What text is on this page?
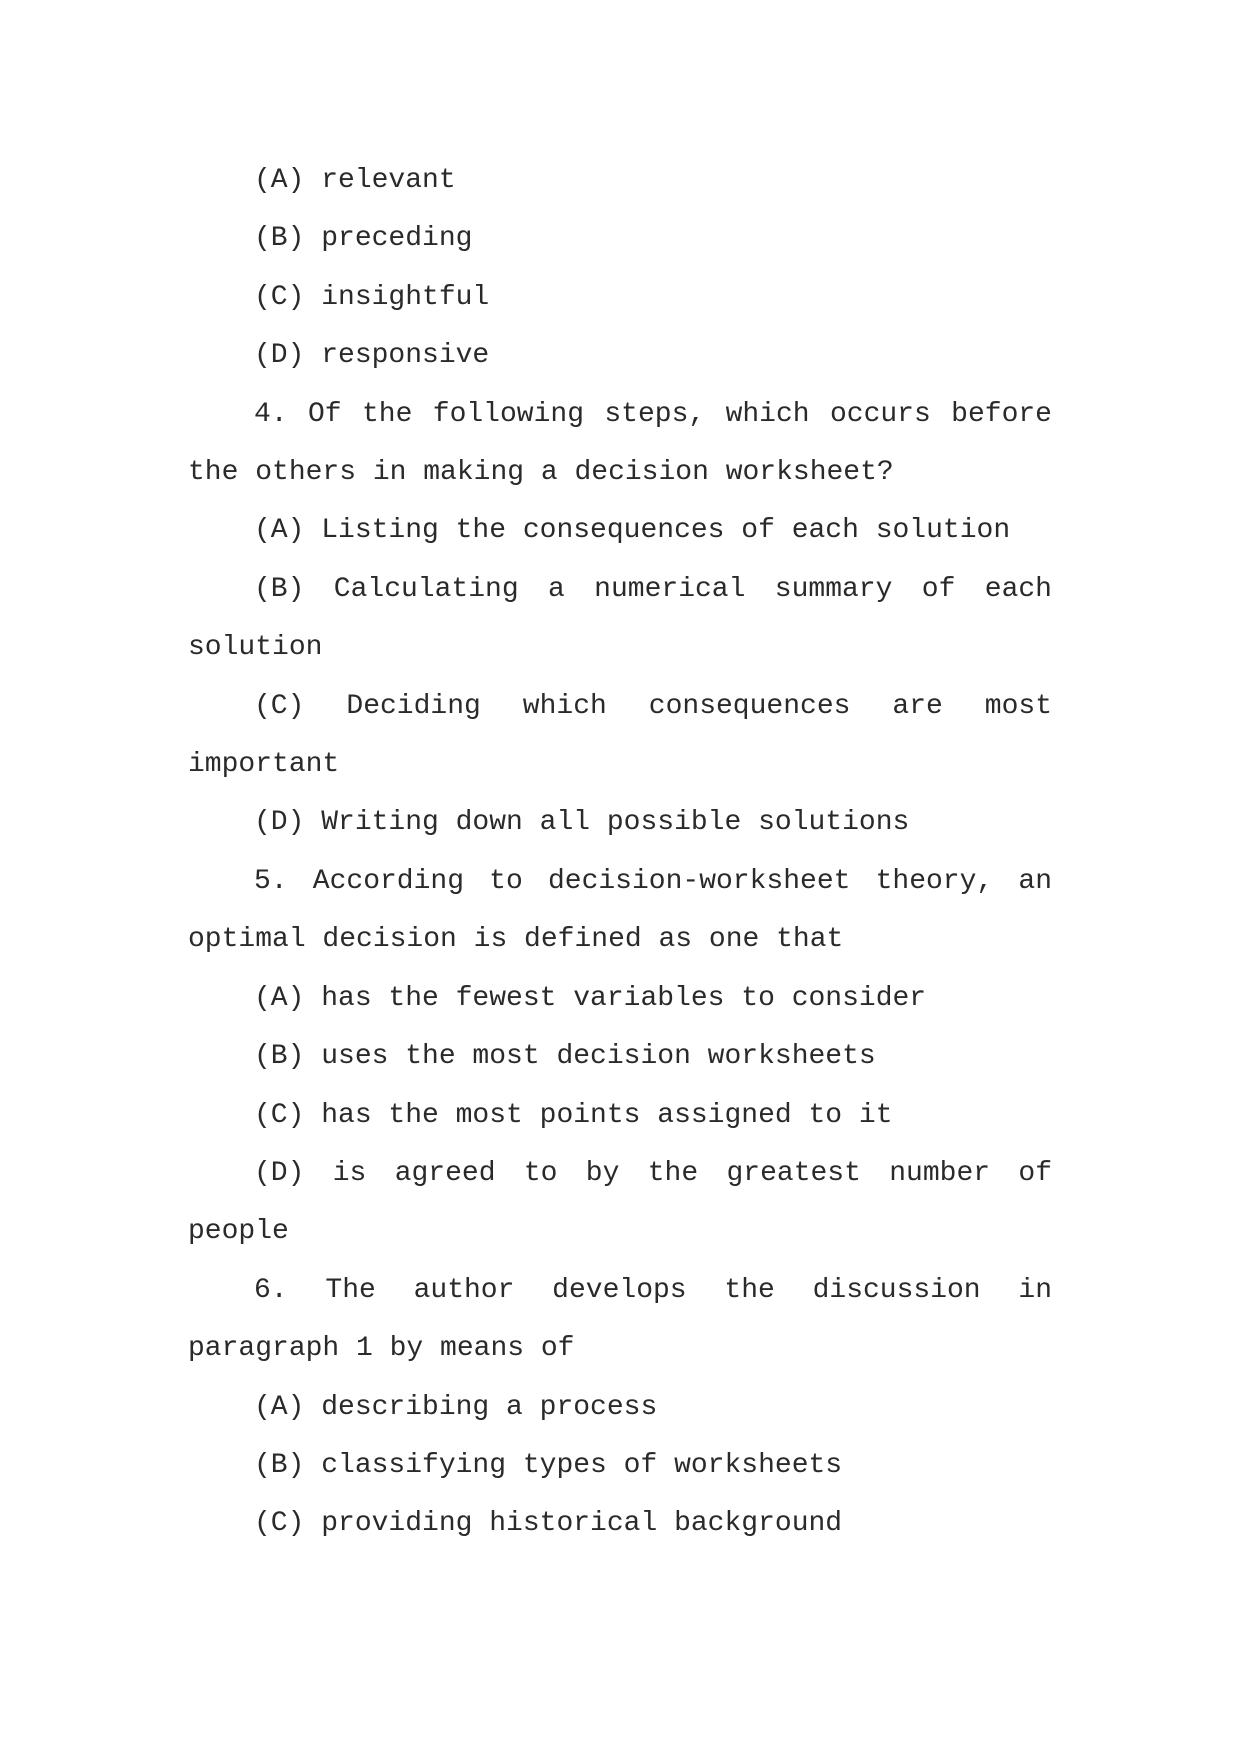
(A) relevant
(B) preceding
(C) insightful
(D) responsive
4. Of the following steps, which occurs before
the others in making a decision worksheet?
(A) Listing the consequences of each solution
(B) Calculating a numerical summary of each
solution
(C) Deciding which consequences are most
important
(D) Writing down all possible solutions
5. According to decision-worksheet theory, an
optimal decision is defined as one that
(A) has the fewest variables to consider
(B) uses the most decision worksheets
(C) has the most points assigned to it
(D) is agreed to by the greatest number of
people
6. The author develops the discussion in
paragraph 1 by means of
(A) describing a process
(B) classifying types of worksheets
(C) providing historical background
